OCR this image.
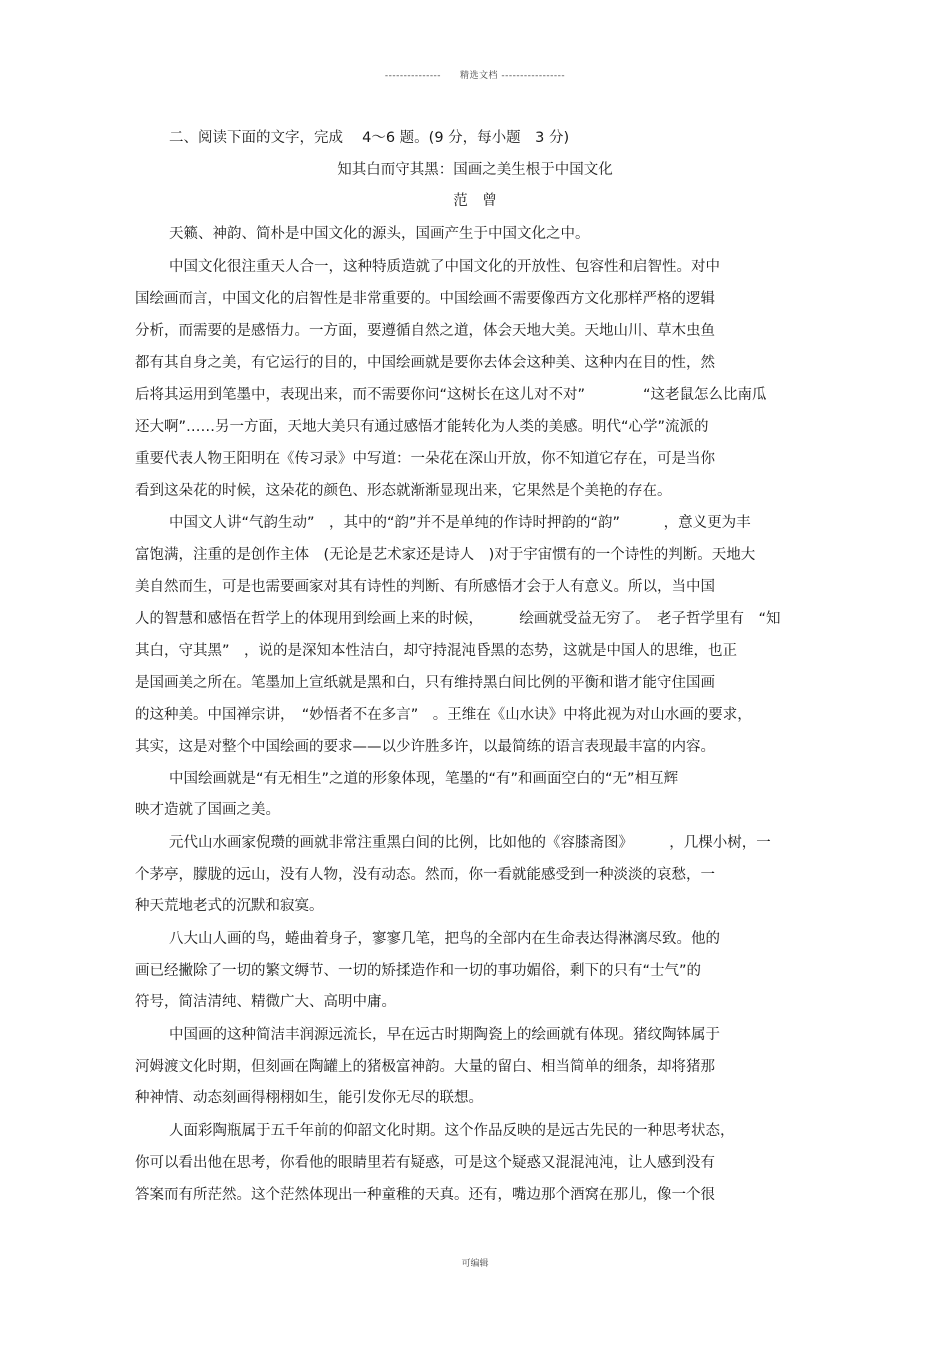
---------------　　精选文档 -----------------
二、阅读下面的文字，完成　 4～6 题。(9 分，每小题　3 分)
知其白而守其黑：国画之美生根于中国文化
范　曾
天籁、神韵、简朴是中国文化的源头，国画产生于中国文化之中。
中国文化很注重天人合一，这种特质造就了中国文化的开放性、包容性和启智性。对中
国绘画而言，中国文化的启智性是非常重要的。中国绘画不需要像西方文化那样严格的逻辑
分析，而需要的是感悟力。一方面，要遵循自然之道，体会天地大美。天地山川、草木虫鱼
都有其自身之美，有它运行的目的，中国绘画就是要你去体会这种美、这种内在目的性，然
后将其运用到笔墨中，表现出来，而不需要你问“这树长在这儿对不对”　　　　“这老鼠怎么比南瓜
还大啊”……另一方面，天地大美只有通过感悟才能转化为人类的美感。明代“心学”流派的
重要代表人物王阳明在《传习录》中写道：一朵花在深山开放，你不知道它存在，可是当你
看到这朵花的时候，这朵花的颜色、形态就渐渐显现出来，它果然是个美艳的存在。
中国文人讲“气韵生动”　，其中的“韵”并不是单纯的作诗时押韵的“韵”　　　，意义更为丰
富饱满，注重的是创作主体　(无论是艺术家还是诗人　)对于宇宙惯有的一个诗性的判断。天地大
美自然而生，可是也需要画家对其有诗性的判断、有所感悟才会于人有意义。所以，当中国
人的智慧和感悟在哲学上的体现用到绘画上来的时候，　　　绘画就受益无穷了。　老子哲学里有　“知
其白，守其黑”　，说的是深知本性洁白，却守持混沌昏黑的态势，这就是中国人的思维，也正
是国画美之所在。笔墨加上宣纸就是黑和白，只有维持黑白间比例的平衡和谐才能守住国画
的这种美。中国禅宗讲，　“妙悟者不在多言”　。王维在《山水诀》中将此视为对山水画的要求，
其实，这是对整个中国绘画的要求——以少许胜多许，以最简练的语言表现最丰富的内容。
中国绘画就是“有无相生”之道的形象体现，笔墨的“有”和画面空白的“无”相互辉
映才造就了国画之美。
元代山水画家倪瓒的画就非常注重黑白间的比例，比如他的《容膝斋图》　　　，几棵小树，一
个茅亭，朦胧的远山，没有人物，没有动态。然而，你一看就能感受到一种淡淡的哀愁，一
种天荒地老式的沉默和寂寞。
八大山人画的鸟，蜷曲着身子，寥寥几笔，把鸟的全部内在生命表达得淋漓尽致。他的
画已经撇除了一切的繁文缛节、一切的矫揉造作和一切的事功媚俗，剩下的只有“士气”的
符号，简洁清纯、精微广大、高明中庸。
中国画的这种简洁丰润源远流长，早在远古时期陶瓷上的绘画就有体现。猪纹陶钵属于
河姆渡文化时期，但刻画在陶罐上的猪极富神韵。大量的留白、相当简单的细条，却将猪那
种神情、动态刻画得栩栩如生，能引发你无尽的联想。
人面彩陶瓶属于五千年前的仰韶文化时期。这个作品反映的是远古先民的一种思考状态，
你可以看出他在思考，你看他的眼睛里若有疑惑，可是这个疑惑又混混沌沌，让人感到没有
答案而有所茫然。这个茫然体现出一种童稚的天真。还有，嘴边那个酒窝在那儿，像一个很
可编辑
